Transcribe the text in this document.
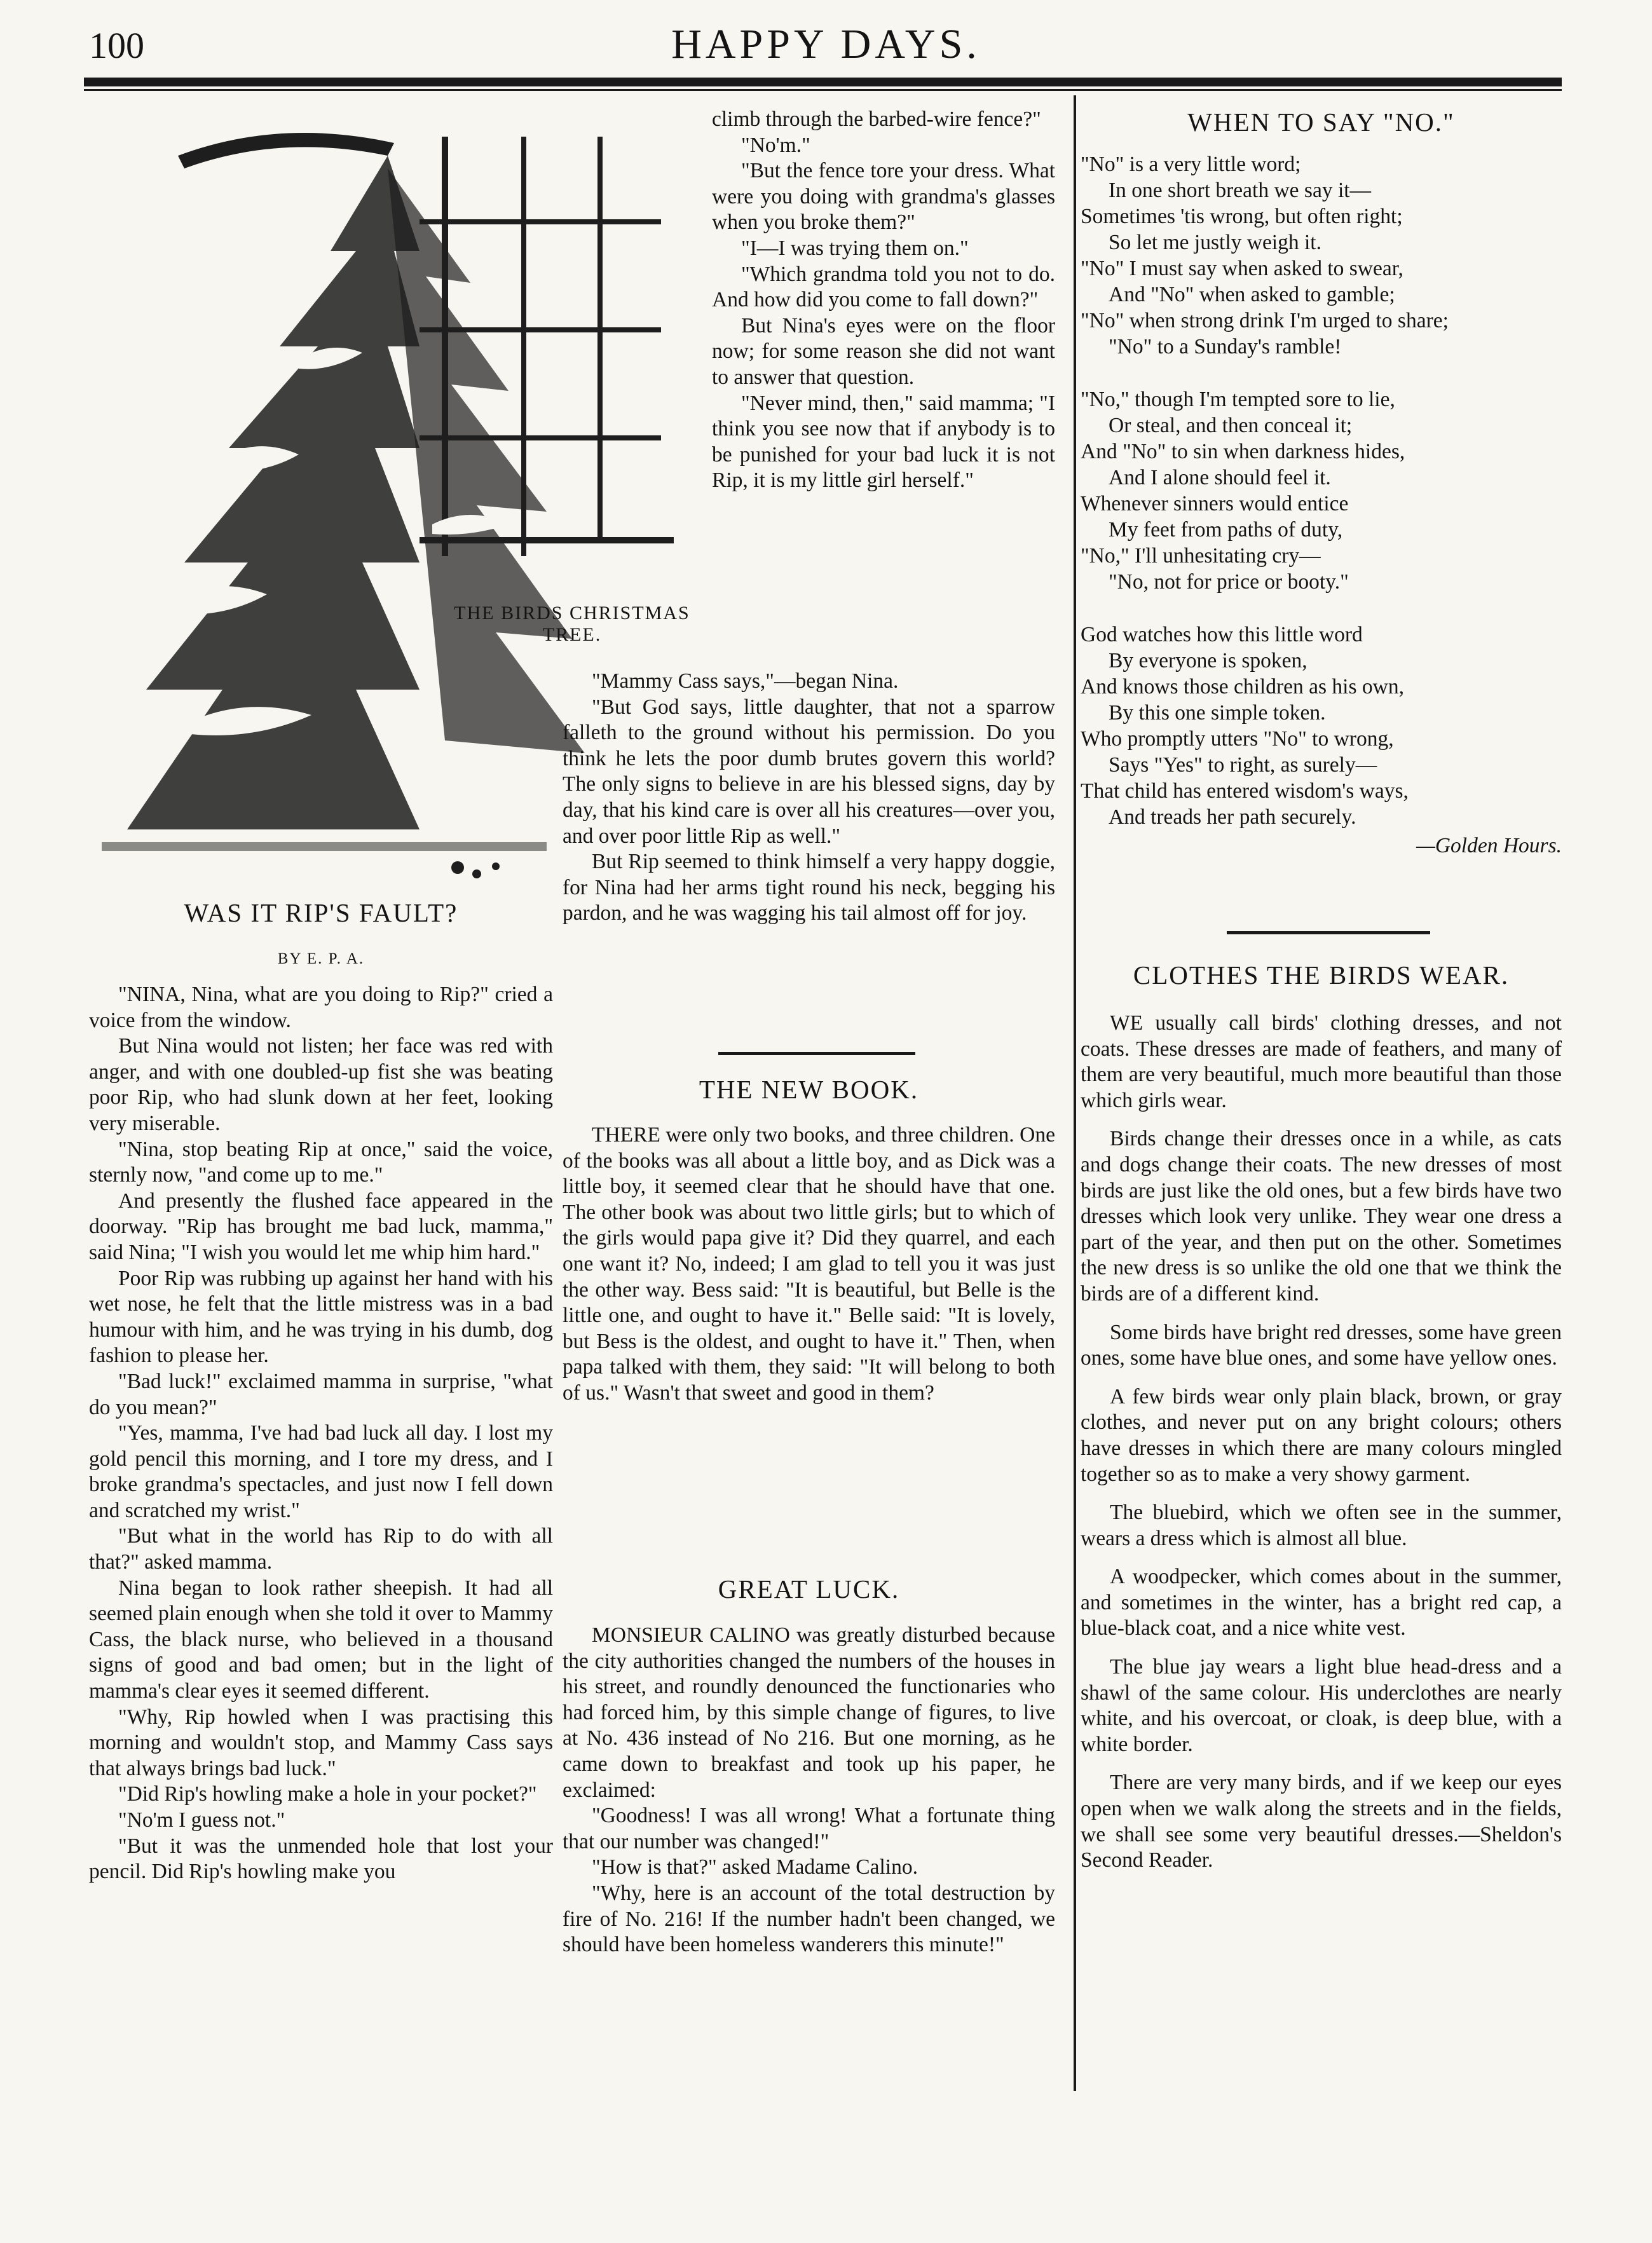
100	HAPPY DAYS.
THE BIRDS CHRISTMAS
TREE.
WAS IT RIP'S FAULT?
BY E. P. A.

"NINA, Nina, what are you doing to Rip?" cried a voice from the window.

But Nina would not listen; her face was red with anger, and with one doubled-up fist she was beating poor Rip, who had slunk down at her feet, looking very miserable.

"Nina, stop beating Rip at once," said the voice, sternly now, "and come up to me."

And presently the flushed face appeared in the doorway. "Rip has brought me bad luck, mamma," said Nina; "I wish you would let me whip him hard."

Poor Rip was rubbing up against her hand with his wet nose, he felt that the little mistress was in a bad humour with him, and he was trying in his dumb, dog fashion to please her.

"Bad luck!" exclaimed mamma in surprise, "what do you mean?"

"Yes, mamma, I've had bad luck all day. I lost my gold pencil this morning, and I tore my dress, and I broke grandma's spectacles, and just now I fell down and scratched my wrist."

"But what in the world has Rip to do with all that?" asked mamma.

Nina began to look rather sheepish. It had all seemed plain enough when she told it over to Mammy Cass, the black nurse, who believed in a thousand signs of good and bad omen; but in the light of mamma's clear eyes it seemed different.

"Why, Rip howled when I was practising this morning and wouldn't stop, and Mammy Cass says that always brings bad luck."

"Did Rip's howling make a hole in your pocket?"

"No'm I guess not."

"But it was the unmended hole that lost your pencil. Did Rip's howling make you

climb through the barbed-wire fence?"

"No'm."

"But the fence tore your dress. What were you doing with grandma's glasses when you broke them?"

"I—I was trying them on."

"Which grandma told you not to do. And how did you come to fall down?"

But Nina's eyes were on the floor now; for some reason she did not want to answer that question.

"Never mind, then," said mamma; "I think you see now that if anybody is to be punished for your bad luck it is not Rip, it is my little girl herself."

"Mammy Cass says,"—began Nina.

"But God says, little daughter, that not a sparrow falleth to the ground without his permission. Do you think he lets the poor dumb brutes govern this world? The only signs to believe in are his blessed signs, day by day, that his kind care is over all his creatures—over you, and over poor little Rip as well."

But Rip seemed to think himself a very happy doggie, for Nina had her arms tight round his neck, begging his pardon, and he was wagging his tail almost off for joy.

THE NEW BOOK.

THERE were only two books, and three children. One of the books was all about a little boy, and as Dick was a little boy, it seemed clear that he should have that one. The other book was about two little girls; but to which of the girls would papa give it? Did they quarrel, and each one want it? No, indeed; I am glad to tell you it was just the other way. Bess said: "It is beautiful, but Belle is the little one, and ought to have it." Belle said: "It is lovely, but Bess is the oldest, and ought to have it." Then, when papa talked with them, they said: "It will belong to both of us." Wasn't that sweet and good in them?

GREAT LUCK.

MONSIEUR CALINO was greatly disturbed because the city authorities changed the numbers of the houses in his street, and roundly denounced the functionaries who had forced him, by this simple change of figures, to live at No. 436 instead of No 216. But one morning, as he came down to breakfast and took up his paper, he exclaimed:

"Goodness! I was all wrong! What a fortunate thing that our number was changed!"

"How is that?" asked Madame Calino.

"Why, here is an account of the total destruction by fire of No. 216! If the number hadn't been changed, we should have been homeless wanderers this minute!"

WHEN TO SAY "NO."
"No" is a very little word;
In one short breath we say it—
Sometimes 'tis wrong, but often right;
So let me justly weigh it.
"No" I must say when asked to swear,
And "No" when asked to gamble;
"No" when strong drink I'm urged to share;
"No" to a Sunday's ramble!
"No," though I'm tempted sore to lie,
Or steal, and then conceal it;
And "No" to sin when darkness hides,
And I alone should feel it.
Whenever sinners would entice
My feet from paths of duty,
"No," I'll unhesitating cry—
"No, not for price or booty."
God watches how this little word
By everyone is spoken,
And knows those children as his own,
By this one simple token.
Who promptly utters "No" to wrong,
Says "Yes" to right, as surely—
That child has entered wisdom's ways,
And treads her path securely.
—Golden Hours.
CLOTHES THE BIRDS WEAR.

WE usually call birds' clothing dresses, and not coats. These dresses are made of feathers, and many of them are very beautiful, much more beautiful than those which girls wear.

Birds change their dresses once in a while, as cats and dogs change their coats. The new dresses of most birds are just like the old ones, but a few birds have two dresses which look very unlike. They wear one dress a part of the year, and then put on the other. Sometimes the new dress is so unlike the old one that we think the birds are of a different kind.

Some birds have bright red dresses, some have green ones, some have blue ones, and some have yellow ones.

A few birds wear only plain black, brown, or gray clothes, and never put on any bright colours; others have dresses in which there are many colours mingled together so as to make a very showy garment.

The bluebird, which we often see in the summer, wears a dress which is almost all blue.

A woodpecker, which comes about in the summer, and sometimes in the winter, has a bright red cap, a blue-black coat, and a nice white vest.

The blue jay wears a light blue head-dress and a shawl of the same colour. His underclothes are nearly white, and his overcoat, or cloak, is deep blue, with a white border.

There are very many birds, and if we keep our eyes open when we walk along the streets and in the fields, we shall see some very beautiful dresses.—Sheldon's Second Reader.
